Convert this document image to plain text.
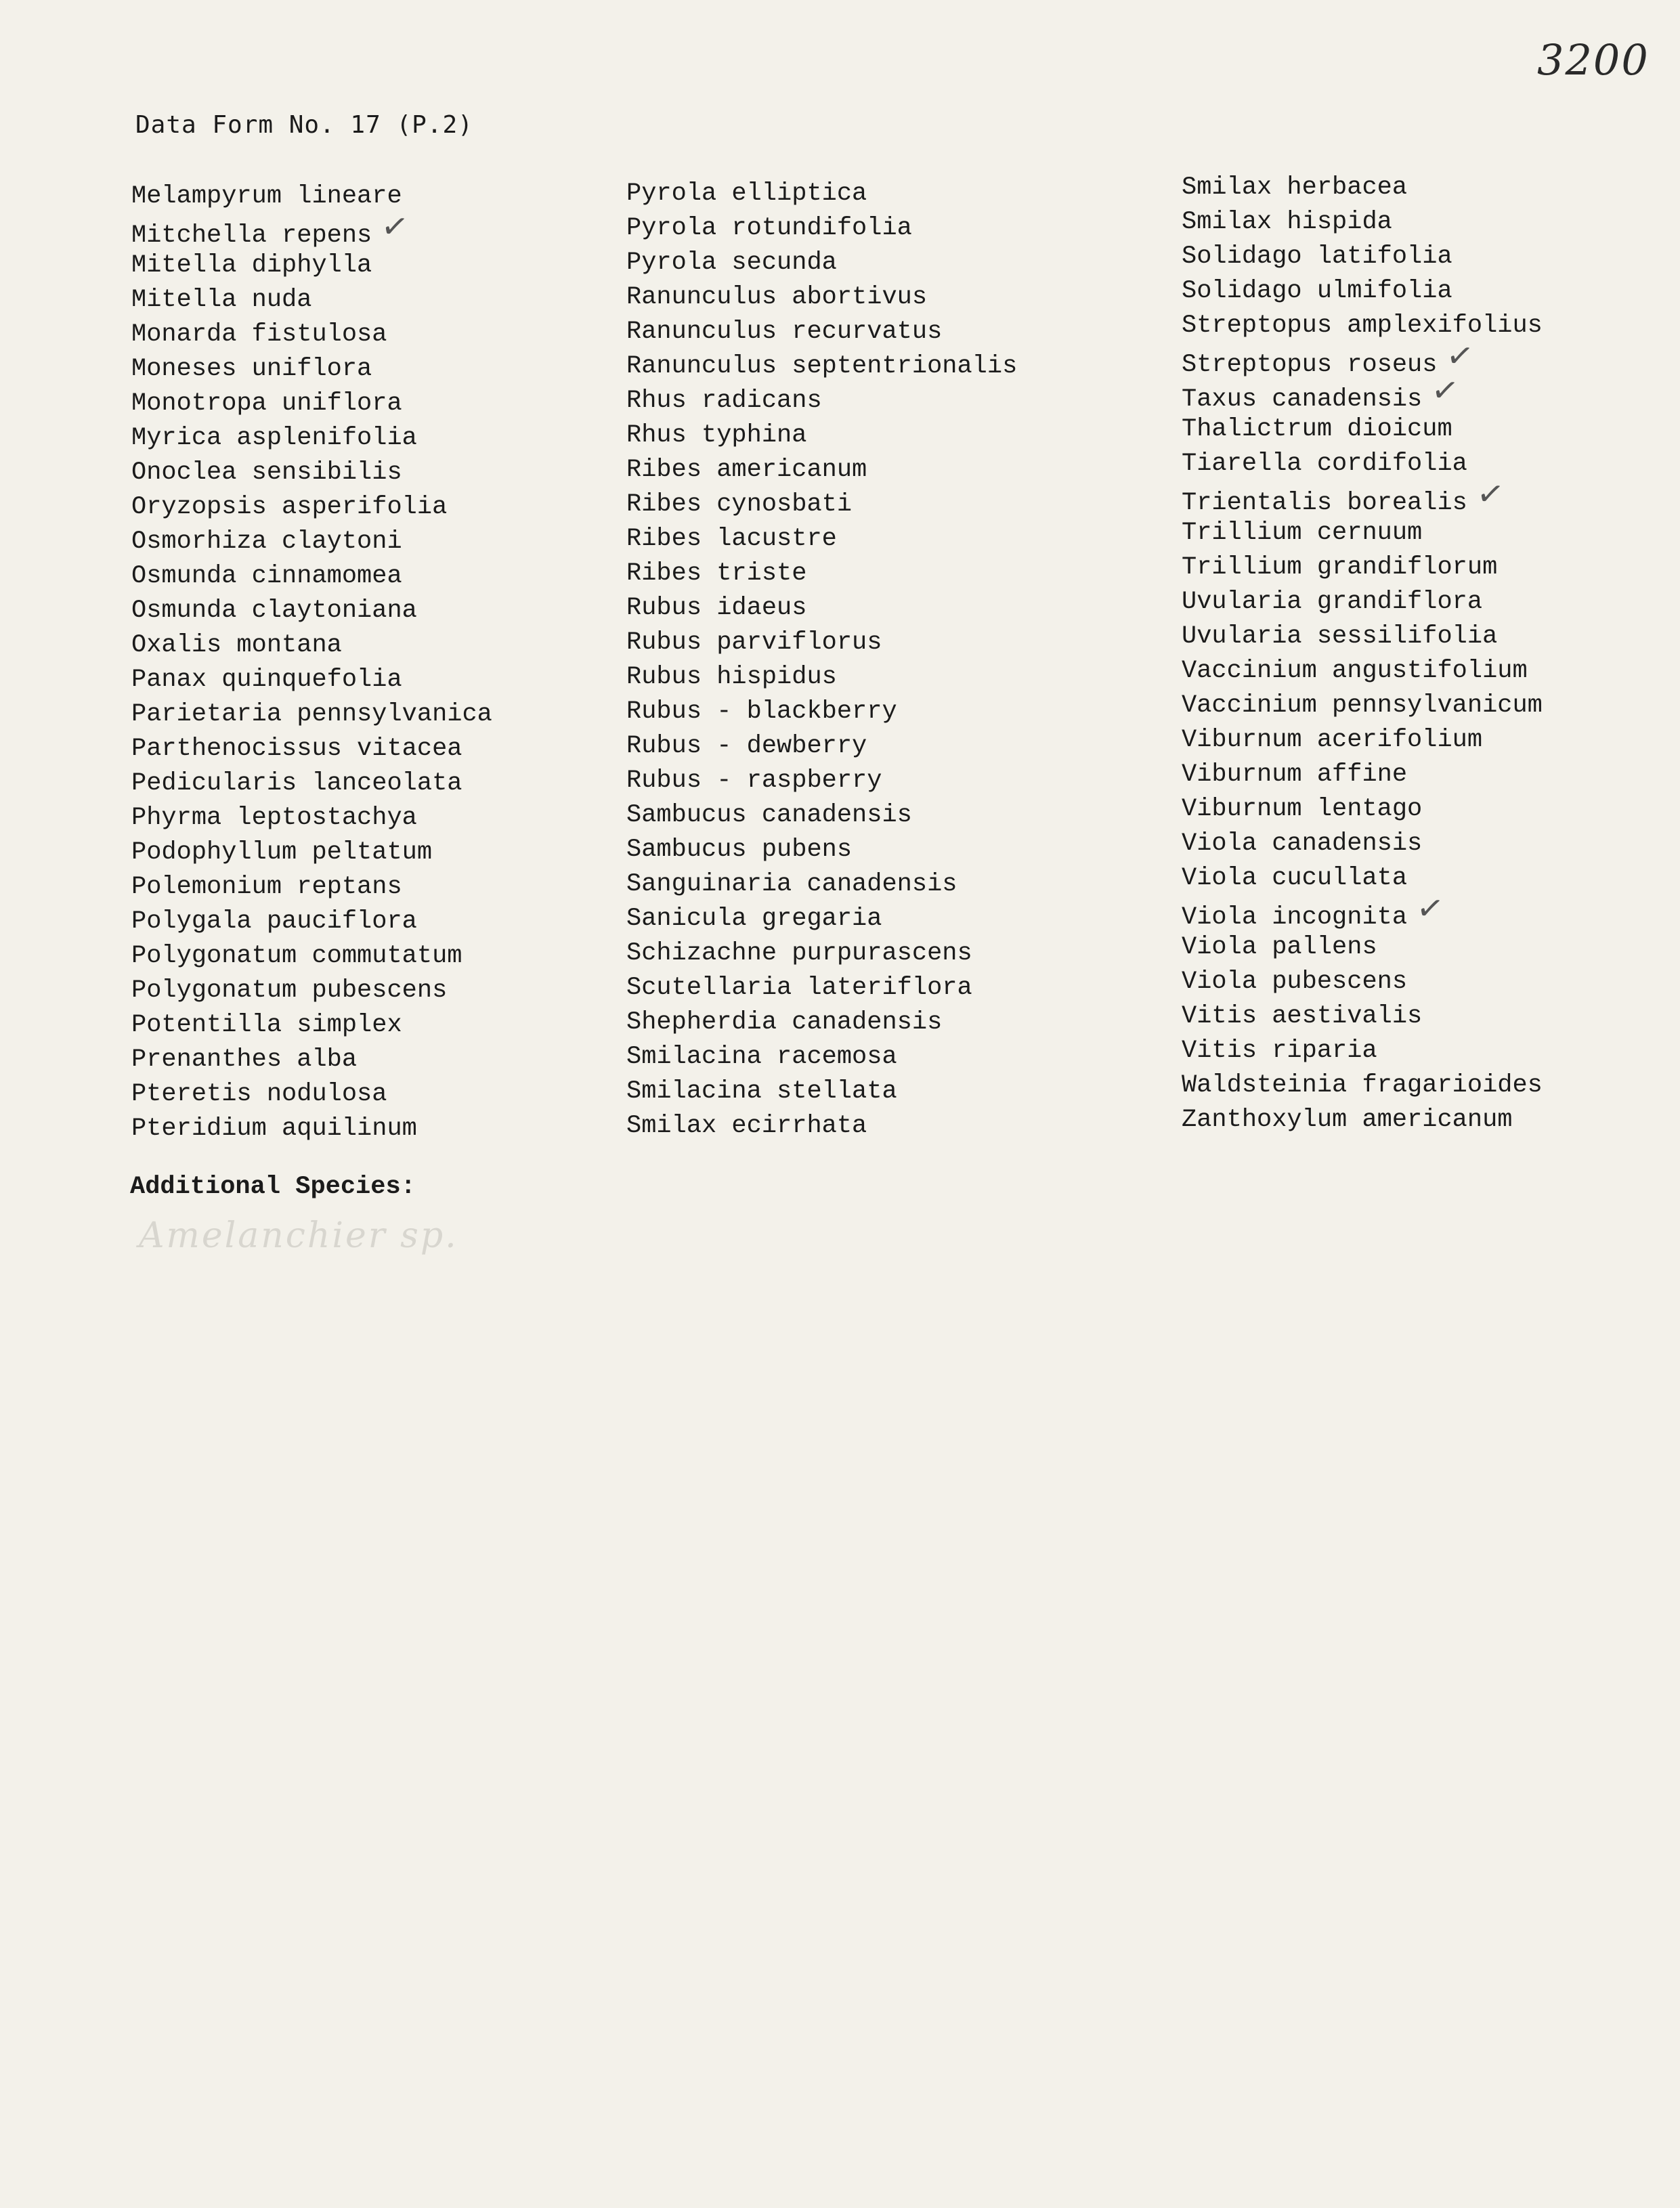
3200
Data Form No. 17 (P.2)
Melampyrum lineare
Mitchella repens ✓
Mitella diphylla
Mitella nuda
Monarda fistulosa
Moneses uniflora
Monotropa uniflora
Myrica asplenifolia
Onoclea sensibilis
Oryzopsis asperifolia
Osmorhiza claytoni
Osmunda cinnamomea
Osmunda claytoniana
Oxalis montana
Panax quinquefolia
Parietaria pennsylvanica
Parthenocissus vitacea
Pedicularis lanceolata
Phyrma leptostachya
Podophyllum peltatum
Polemonium reptans
Polygala pauciflora
Polygonatum commutatum
Polygonatum pubescens
Potentilla simplex
Prenanthes alba
Pteretis nodulosa
Pteridium aquilinum
Pyrola elliptica
Pyrola rotundifolia
Pyrola secunda
Ranunculus abortivus
Ranunculus recurvatus
Ranunculus septentrionalis
Rhus radicans
Rhus typhina
Ribes americanum
Ribes cynosbati
Ribes lacustre
Ribes triste
Rubus idaeus
Rubus parviflorus
Rubus hispidus
Rubus - blackberry
Rubus - dewberry
Rubus - raspberry
Sambucus canadensis
Sambucus pubens
Sanguinaria canadensis
Sanicula gregaria
Schizachne purpurascens
Scutellaria lateriflora
Shepherdia canadensis
Smilacina racemosa
Smilacina stellata
Smilax ecirrhata
Smilax herbacea
Smilax hispida
Solidago latifolia
Solidago ulmifolia
Streptopus amplexifolius
Streptopus roseus ✓
Taxus canadensis ✓
Thalictrum dioicum
Tiarella cordifolia
Trientalis borealis ✓
Trillium cernuum
Trillium grandiflorum
Uvularia grandiflora
Uvularia sessilifolia
Vaccinium angustifolium
Vaccinium pennsylvanicum
Viburnum acerifolium
Viburnum affine
Viburnum lentago
Viola canadensis
Viola cucullata
Viola incognita ✓
Viola pallens
Viola pubescens
Vitis aestivalis
Vitis riparia
Waldsteinia fragarioides
Zanthoxylum americanum
Additional Species:
Amelanchier sp.
